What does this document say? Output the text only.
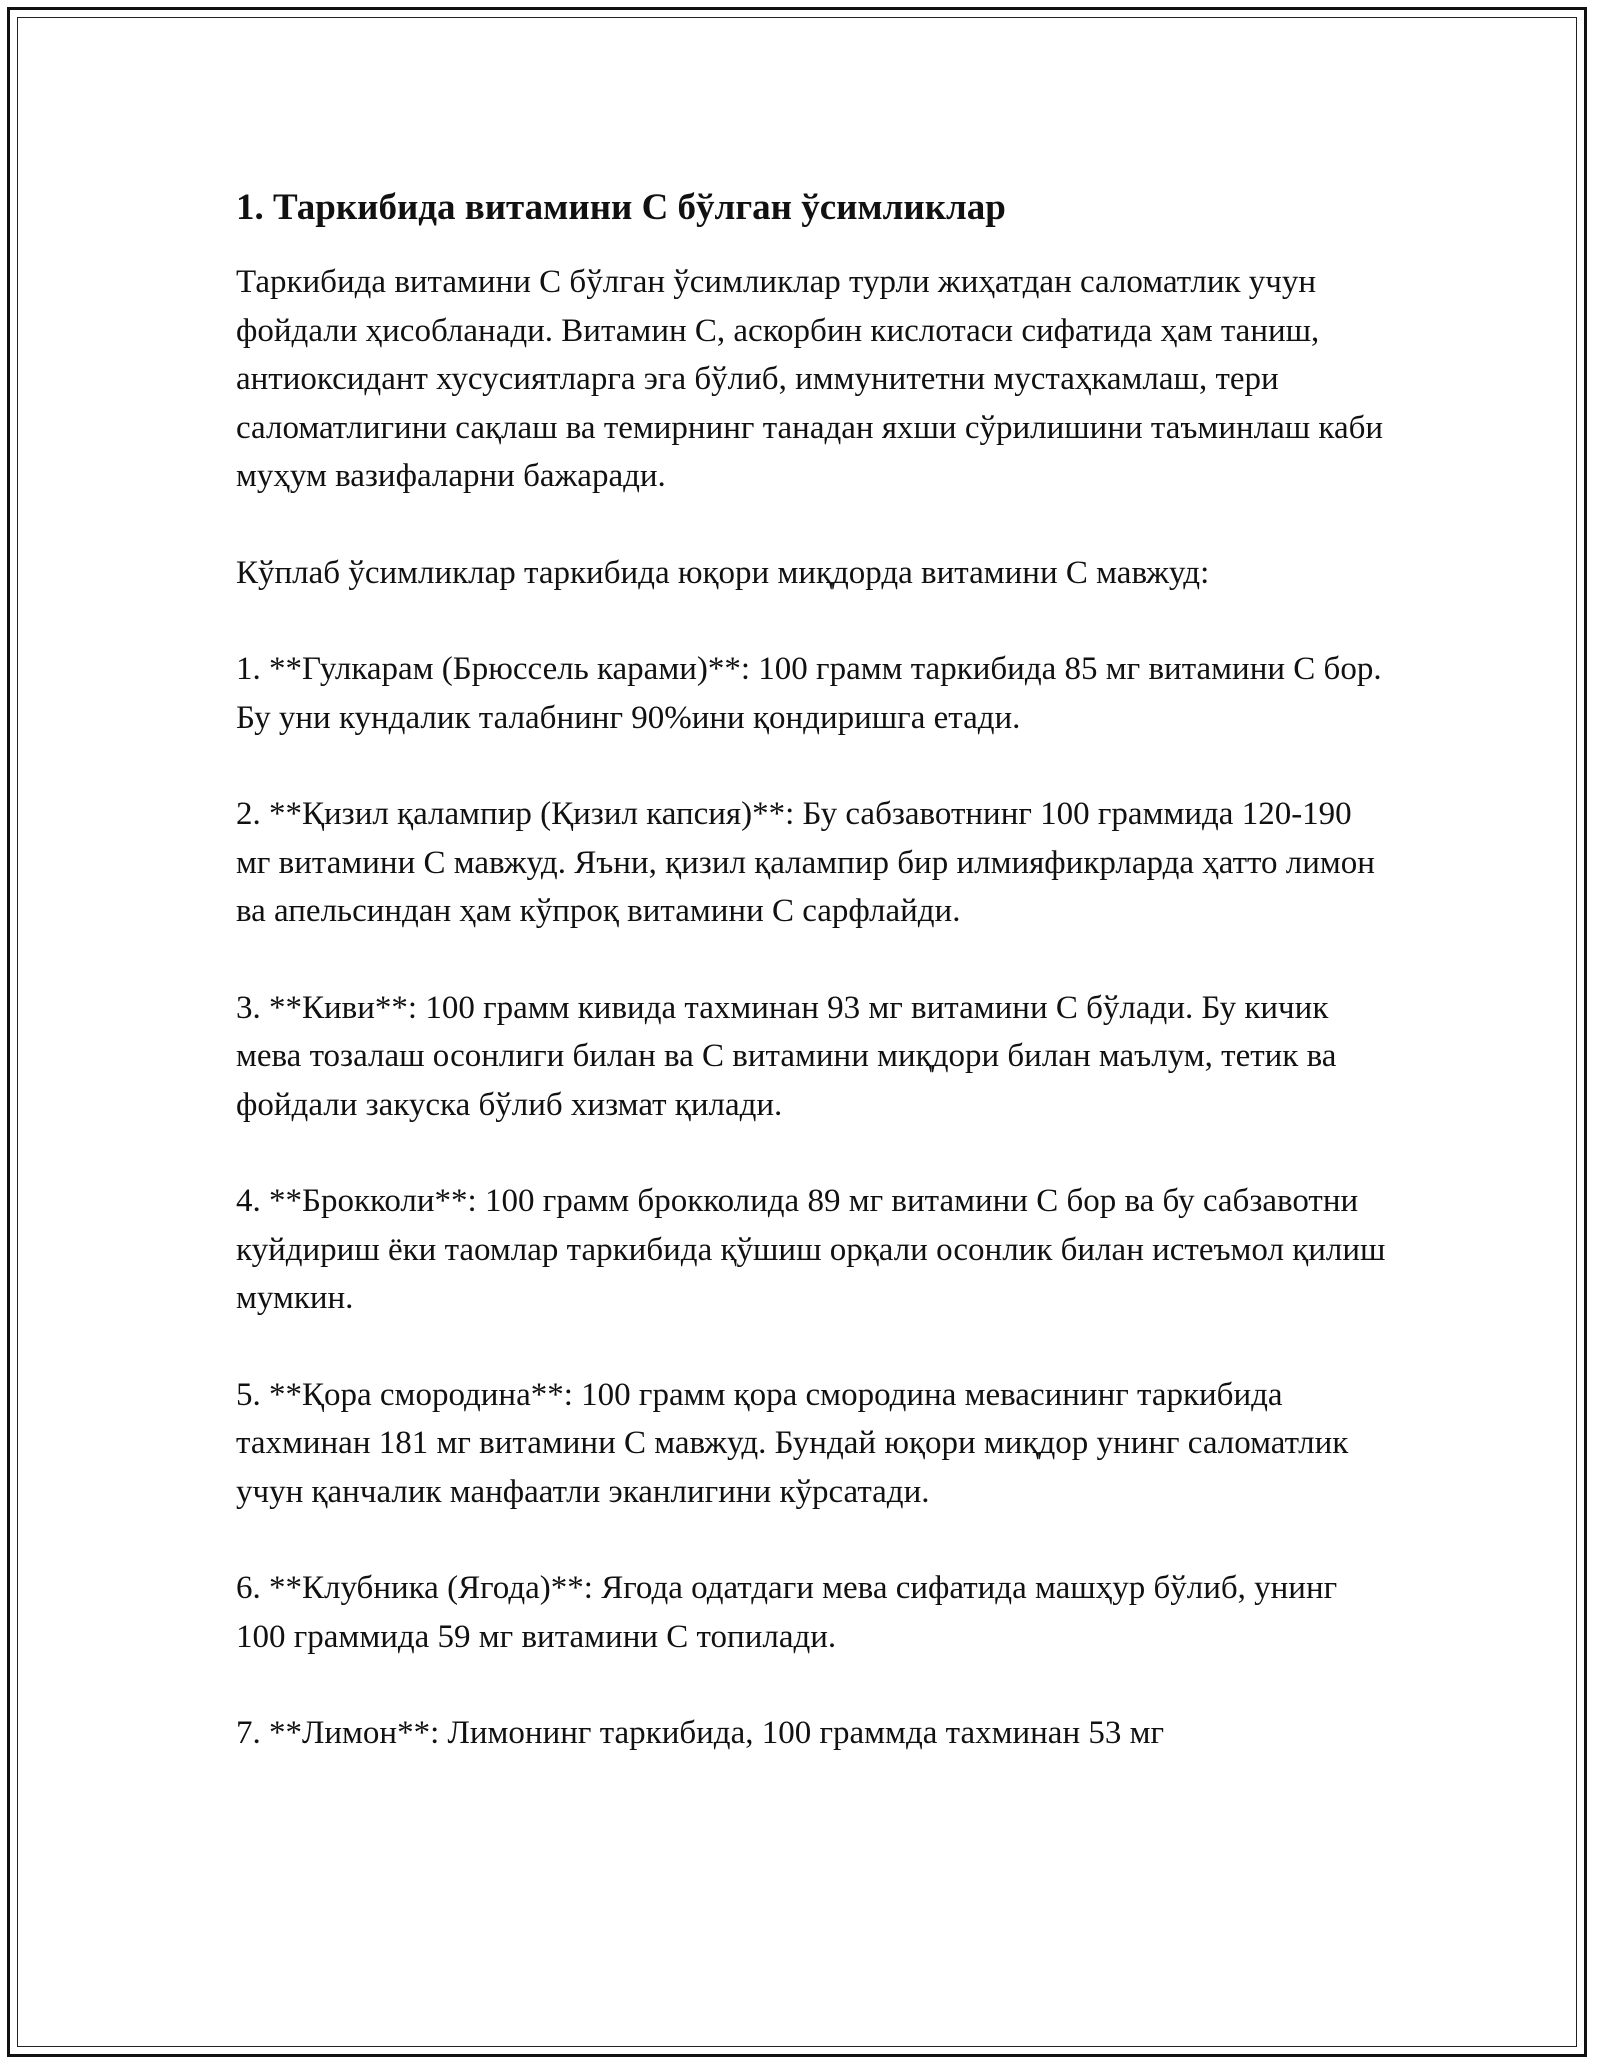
1. Таркибида витамини С бўлган ўсимликлар

Таркибида витамини С бўлган ўсимликлар турли жиҳатдан саломатлик учун фойдали ҳисобланади. Витамин С, аскорбин кислотаси сифатида ҳам таниш, антиоксидант хусусиятларга эга бўлиб, иммунитетни мустаҳкамлаш, тери саломатлигини сақлаш ва темирнинг танадан яхши сўрилишини таъминлаш каби муҳум вазифаларни бажаради.

Кўплаб ўсимликлар таркибида юқори миқдорда витамини С мавжуд:

1. **Гулкарам (Брюссель карами)**: 100 грамм таркибида 85 мг витамини С бор. Бу уни кундалик талабнинг 90%ини қондиришга етади.

2. **Қизил қалампир (Қизил капсия)**: Бу сабзавотнинг 100 граммида 120-190 мг витамини С мавжуд. Яъни, қизил қалампир бир илмияфикрларда ҳатто лимон ва апельсиндан ҳам кўпроқ витамини С сарфлайди.

3. **Киви**: 100 грамм кивида тахминан 93 мг витамини С бўлади. Бу кичик мева тозалаш осонлиги билан ва С витамини миқдори билан маълум, тетик ва фойдали закуска бўлиб хизмат қилади.

4. **Брокколи**: 100 грамм брокколида 89 мг витамини С бор ва бу сабзавотни куйдириш ёки таомлар таркибида қўшиш орқали осонлик билан истеъмол қилиш мумкин.

5. **Қора смородина**: 100 грамм қора смородина мевасининг таркибида тахминан 181 мг витамини С мавжуд. Бундай юқори миқдор унинг саломатлик учун қанчалик манфаатли эканлигини кўрсатади.

6. **Клубника (Ягода)**: Ягода одатдаги мева сифатида машҳур бўлиб, унинг 100 граммида 59 мг витамини С топилади.

7. **Лимон**: Лимонинг таркибида, 100 граммда тахминан 53 мг
